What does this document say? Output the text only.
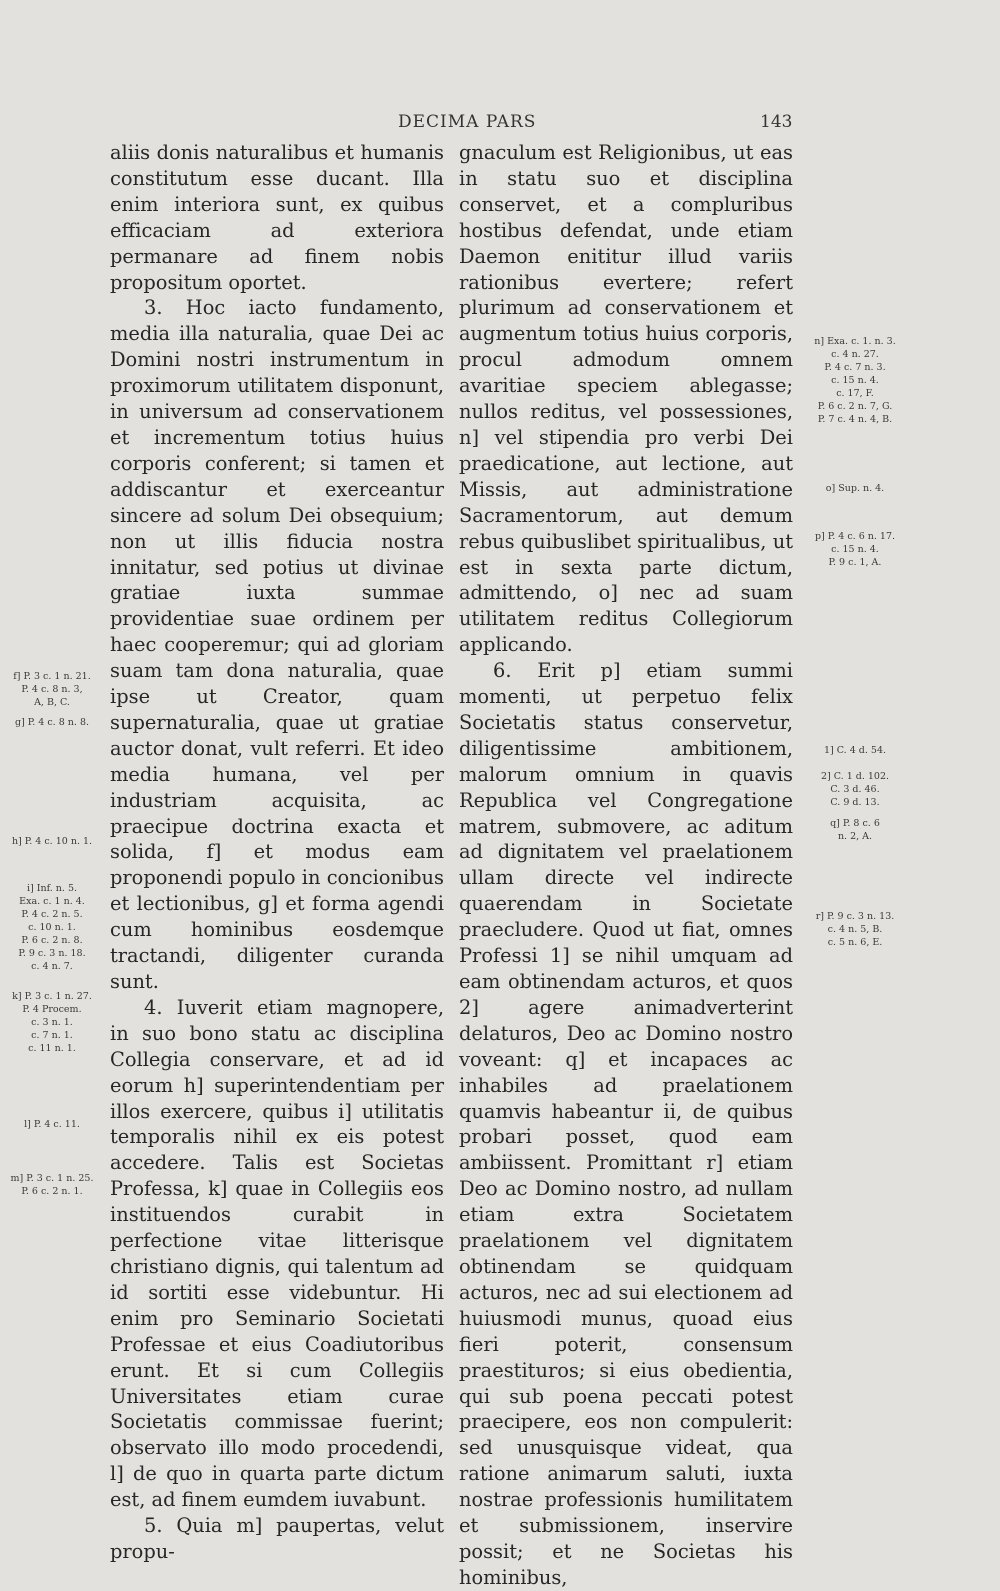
DECIMA PARS	143

aliis donis naturalibus et humanis constitutum esse ducant. Illa enim interiora sunt, ex quibus efficaciam ad exteriora permanare ad finem nobis propositum oportet.

3. Hoc iacto fundamento, media illa naturalia, quae Dei ac Domini nostri instrumentum in proximorum utilitatem disponunt, in universum ad conservationem et incrementum totius huius corporis conferent; si tamen et addiscantur et exerceantur sincere ad solum Dei obsequium; non ut illis fiducia nostra innitatur, sed potius ut divinae gratiae iuxta summae providentiae suae ordinem per haec cooperemur; qui ad gloriam suam tam dona naturalia, quae ipse ut Creator, quam supernaturalia, quae ut gratiae auctor donat, vult referri. Et ideo media humana, vel per industriam acquisita, ac praecipue doctrina exacta et solida, f] et modus eam proponendi populo in concionibus et lectionibus, g] et forma agendi cum hominibus eosdemque tractandi, diligenter curanda sunt.

4. Iuverit etiam magnopere, in suo bono statu ac disciplina Collegia conservare, et ad id eorum h] superintendentiam per illos exercere, quibus i] utilitatis temporalis nihil ex eis potest accedere. Talis est Societas Professa, k] quae in Collegiis eos instituendos curabit in perfectione vitae litterisque christiano dignis, qui talentum ad id sortiti esse videbuntur. Hi enim pro Seminario Societati Professae et eius Coadiutoribus erunt. Et si cum Collegiis Universitates etiam curae Societatis commissae fuerint; observato illo modo procedendi, l] de quo in quarta parte dictum est, ad finem eumdem iuvabunt.

5. Quia m] paupertas, velut propu-

gnaculum est Religionibus, ut eas in statu suo et disciplina conservet, et a compluribus hostibus defendat, unde etiam Daemon enititur illud variis rationibus evertere; refert plurimum ad conservationem et augmentum totius huius corporis, procul admodum omnem avaritiae speciem ablegasse; nullos reditus, vel possessiones, n] vel stipendia pro verbi Dei praedicatione, aut lectione, aut Missis, aut administratione Sacramentorum, aut demum rebus quibuslibet spiritualibus, ut est in sexta parte dictum, admittendo, o] nec ad suam utilitatem reditus Collegiorum applicando.

6. Erit p] etiam summi momenti, ut perpetuo felix Societatis status conservetur, diligentissime ambitionem, malorum omnium in quavis Republica vel Congregatione matrem, submovere, ac aditum ad dignitatem vel praelationem ullam directe vel indirecte quaerendam in Societate praecludere. Quod ut fiat, omnes Professi 1] se nihil umquam ad eam obtinendam acturos, et quos 2] agere animadverterint delaturos, Deo ac Domino nostro voveant: q] et incapaces ac inhabiles ad praelationem quamvis habeantur ii, de quibus probari posset, quod eam ambiissent. Promittant r] etiam Deo ac Domino nostro, ad nullam etiam extra Societatem praelationem vel dignitatem obtinendam se quidquam acturos, nec ad sui electionem ad huiusmodi munus, quoad eius fieri poterit, consensum praestituros; si eius obedientia, qui sub poena peccati potest praecipere, eos non compulerit: sed unusquisque videat, qua ratione animarum saluti, iuxta nostrae professionis humilitatem et submissionem, inservire possit; et ne Societas his hominibus,

f] P. 3 c. 1 n. 21.
P. 4 c. 8 n. 3,
A, B, C.
g] P. 4 c. 8 n. 8.
h] P. 4 c. 10 n. 1.
i] Inf. n. 5.
Exa. c. 1 n. 4.
P. 4 c. 2 n. 5.
c. 10 n. 1.
P. 6 c. 2 n. 8.
P. 9 c. 3 n. 18.
c. 4 n. 7.
k] P. 3 c. 1 n. 27.
P. 4 Procem.
c. 3 n. 1.
c. 7 n. 1.
c. 11 n. 1.
l] P. 4 c. 11.
m] P. 3 c. 1 n. 25.
P. 6 c. 2 n. 1.
n] Exa. c. 1. n. 3.
c. 4 n. 27.
P. 4 c. 7 n. 3.
c. 15 n. 4.
c. 17, F.
P. 6 c. 2 n. 7, G.
P. 7 c. 4 n. 4, B.
o] Sup. n. 4.
p] P. 4 c. 6 n. 17.
c. 15 n. 4.
P. 9 c. 1, A.
1] C. 4 d. 54.
2] C. 1 d. 102.
C. 3 d. 46.
C. 9 d. 13.
q] P. 8 c. 6
n. 2, A.
r] P. 9 c. 3 n. 13.
c. 4 n. 5, B.
c. 5 n. 6, E.
